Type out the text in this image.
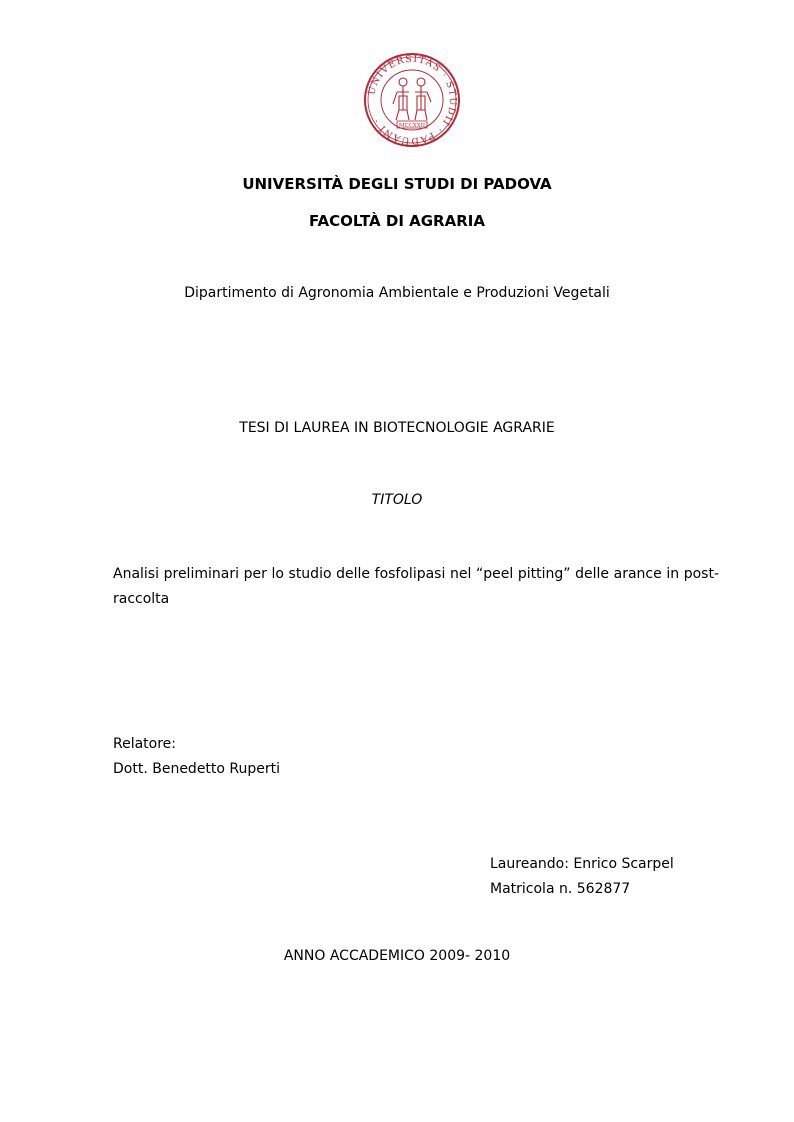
UNIVERSITAS · STUDII · PADUANI ·
MCCXXII
UNIVERSITÀ DEGLI STUDI DI PADOVA
FACOLTÀ DI AGRARIA
Dipartimento di Agronomia Ambientale e Produzioni Vegetali
TESI DI LAUREA IN BIOTECNOLOGIE AGRARIE
TITOLO
Analisi preliminari per lo studio delle fosfolipasi nel “peel pitting” delle arance in post-raccolta
Relatore:
Dott. Benedetto Ruperti
Laureando: Enrico Scarpel
Matricola n. 562877
ANNO ACCADEMICO 2009- 2010
